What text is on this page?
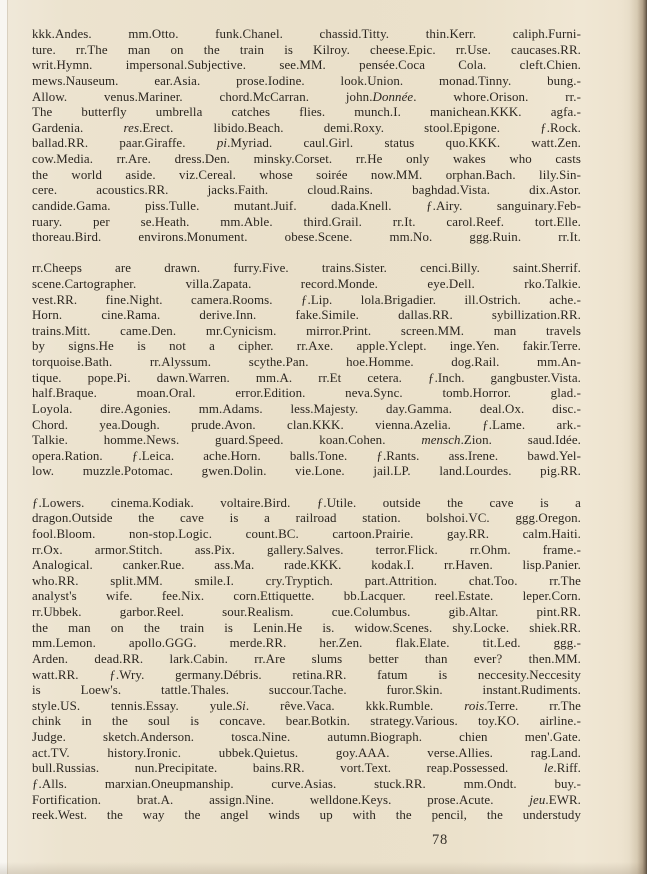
kkk.Andes. mm.Otto. funk.Chanel. chassid.Titty. thin.Kerr. caliph.Furni-
ture. rr.The man on the train is Kilroy. cheese.Epic. rr.Use. caucases.RR.
writ.Hymn. impersonal.Subjective. see.MM. pensée.Coca Cola. cleft.Chien.
mews.Nauseum. ear.Asia. prose.Iodine. look.Union. monad.Tinny. bung.-
Allow. venus.Mariner. chord.McCarran. john.Donnée. whore.Orison. rr.-
The butterfly umbrella catches flies. munch.I. manichean.KKK. agfa.-
Gardenia. res.Erect. libido.Beach. demi.Roxy. stool.Epigone. ƒ.Rock.
ballad.RR. paar.Giraffe. pi.Myriad. caul.Girl. status quo.KKK. watt.Zen.
cow.Media. rr.Are. dress.Den. minsky.Corset. rr.He only wakes who casts
the world aside. viz.Cereal. whose soirée now.MM. orphan.Bach. lily.Sin-
cere. acoustics.RR. jacks.Faith. cloud.Rains. baghdad.Vista. dix.Astor.
candide.Gama. piss.Tulle. mutant.Juif. dada.Knell. ƒ.Airy. sanguinary.Feb-
ruary. per se.Heath. mm.Able. third.Grail. rr.It. carol.Reef. tort.Elle.
thoreau.Bird. environs.Monument. obese.Scene. mm.No. ggg.Ruin. rr.It.
rr.Cheeps are drawn. furry.Five. trains.Sister. cenci.Billy. saint.Sherrif.
scene.Cartographer. villa.Zapata. record.Monde. eye.Dell. rko.Talkie.
vest.RR. fine.Night. camera.Rooms. ƒ.Lip. lola.Brigadier. ill.Ostrich. ache.-
Horn. cine.Rama. derive.Inn. fake.Simile. dallas.RR. sybillization.RR.
trains.Mitt. came.Den. mr.Cynicism. mirror.Print. screen.MM. man travels
by signs.He is not a cipher. rr.Axe. apple.Yclept. inge.Yen. fakir.Terre.
torquoise.Bath. rr.Alyssum. scythe.Pan. hoe.Homme. dog.Rail. mm.An-
tique. pope.Pi. dawn.Warren. mm.A. rr.Et cetera. ƒ.Inch. gangbuster.Vista.
half.Braque. moan.Oral. error.Edition. neva.Sync. tomb.Horror. glad.-
Loyola. dire.Agonies. mm.Adams. less.Majesty. day.Gamma. deal.Ox. disc.-
Chord. yea.Dough. prude.Avon. clan.KKK. vienna.Azelia. ƒ.Lame. ark.-
Talkie. homme.News. guard.Speed. koan.Cohen. mensch.Zion. saud.Idée.
opera.Ration. ƒ.Leica. ache.Horn. balls.Tone. ƒ.Rants. ass.Irene. bawd.Yel-
low. muzzle.Potomac. gwen.Dolin. vie.Lone. jail.LP. land.Lourdes. pig.RR.
ƒ.Lowers. cinema.Kodiak. voltaire.Bird. ƒ.Utile. outside the cave is a
dragon.Outside the cave is a railroad station. bolshoi.VC. ggg.Oregon.
fool.Bloom. non-stop.Logic. count.BC. cartoon.Prairie. gay.RR. calm.Haiti.
rr.Ox. armor.Stitch. ass.Pix. gallery.Salves. terror.Flick. rr.Ohm. frame.-
Analogical. canker.Rue. ass.Ma. rade.KKK. kodak.I. rr.Haven. lisp.Panier.
who.RR. split.MM. smile.I. cry.Tryptich. part.Attrition. chat.Too. rr.The
analyst's wife. fee.Nix. corn.Ettiquette. bb.Lacquer. reel.Estate. leper.Corn.
rr.Ubbek. garbor.Reel. sour.Realism. cue.Columbus. gib.Altar. pint.RR.
the man on the train is Lenin.He is. widow.Scenes. shy.Locke. shiek.RR.
mm.Lemon. apollo.GGG. merde.RR. her.Zen. flak.Elate. tit.Led. ggg.-
Arden. dead.RR. lark.Cabin. rr.Are slums better than ever? then.MM.
watt.RR. ƒ.Wry. germany.Débris. retina.RR. fatum is neccesity.Neccesity
is Loew's. tattle.Thales. succour.Tache. furor.Skin. instant.Rudiments.
style.US. tennis.Essay. yule.Si. rêve.Vaca. kkk.Rumble. rois.Terre. rr.The
chink in the soul is concave. bear.Botkin. strategy.Various. toy.KO. airline.-
Judge. sketch.Anderson. tosca.Nine. autumn.Biograph. chien men'.Gate.
act.TV. history.Ironic. ubbek.Quietus. goy.AAA. verse.Allies. rag.Land.
bull.Russias. nun.Precipitate. bains.RR. vort.Text. reap.Possessed. le.Riff.
ƒ.Alls. marxian.Oneupmanship. curve.Asias. stuck.RR. mm.Ondt. buy.-
Fortification. brat.A. assign.Nine. welldone.Keys. prose.Acute. jeu.EWR.
reek.West. the way the angel winds up with the pencil, the understudy
78
